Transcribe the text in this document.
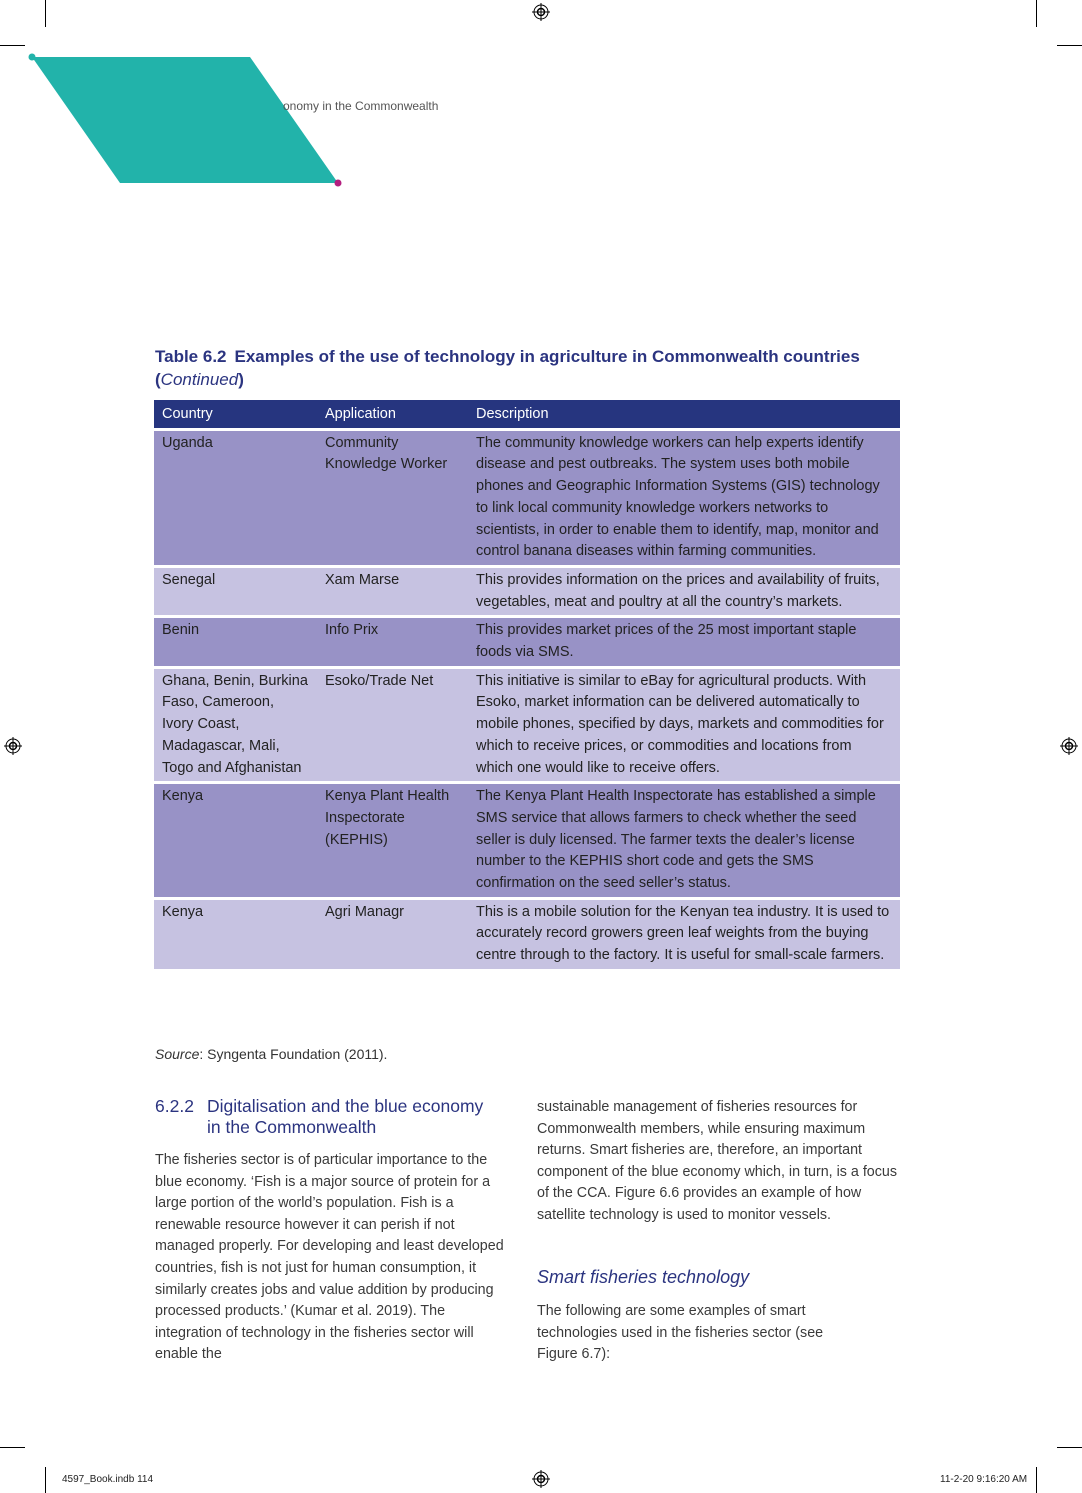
onomy in the Commonwealth
Table 6.2 Examples of the use of technology in agriculture in Commonwealth countries (Continued)
Country	Application	Description
Uganda	Community Knowledge Worker	The community knowledge workers can help experts identify disease and pest outbreaks. The system uses both mobile phones and Geographic Information Systems (GIS) technology to link local community knowledge workers networks to scientists, in order to enable them to identify, map, monitor and control banana diseases within farming communities.
Senegal	Xam Marse	This provides information on the prices and availability of fruits, vegetables, meat and poultry at all the country’s markets.
Benin	Info Prix	This provides market prices of the 25 most important staple foods via SMS.
Ghana, Benin, Burkina Faso, Cameroon, Ivory Coast, Madagascar, Mali, Togo and Afghanistan	Esoko/Trade Net	This initiative is similar to eBay for agricultural products. With Esoko, market information can be delivered automatically to mobile phones, specified by days, markets and commodities for which to receive prices, or commodities and locations from which one would like to receive offers.
Kenya	Kenya Plant Health Inspectorate (KEPHIS)	The Kenya Plant Health Inspectorate has established a simple SMS service that allows farmers to check whether the seed seller is duly licensed. The farmer texts the dealer’s license number to the KEPHIS short code and gets the SMS confirmation on the seed seller’s status.
Kenya	Agri Managr	This is a mobile solution for the Kenyan tea industry. It is used to accurately record growers green leaf weights from the buying centre through to the factory. It is useful for small-scale farmers.
Source: Syngenta Foundation (2011).
6.2.2 Digitalisation and the blue economy
in the Commonwealth
The fisheries sector is of particular importance to the blue economy. ‘Fish is a major source of protein for a large portion of the world’s population. Fish is a renewable resource however it can perish if not managed properly. For developing and least developed countries, fish is not just for human consumption, it similarly creates jobs and value addition by producing processed products.’ (Kumar et al. 2019). The integration of technology in the fisheries sector will enable the
sustainable management of fisheries resources for Commonwealth members, while ensuring maximum returns. Smart fisheries are, therefore, an important component of the blue economy which, in turn, is a focus of the CCA. Figure 6.6 provides an example of how satellite technology is used to monitor vessels.
Smart fisheries technology
The following are some examples of smart technologies used in the fisheries sector (see Figure 6.7):
4597_Book.indb 114	11-2-20 9:16:20 AM
